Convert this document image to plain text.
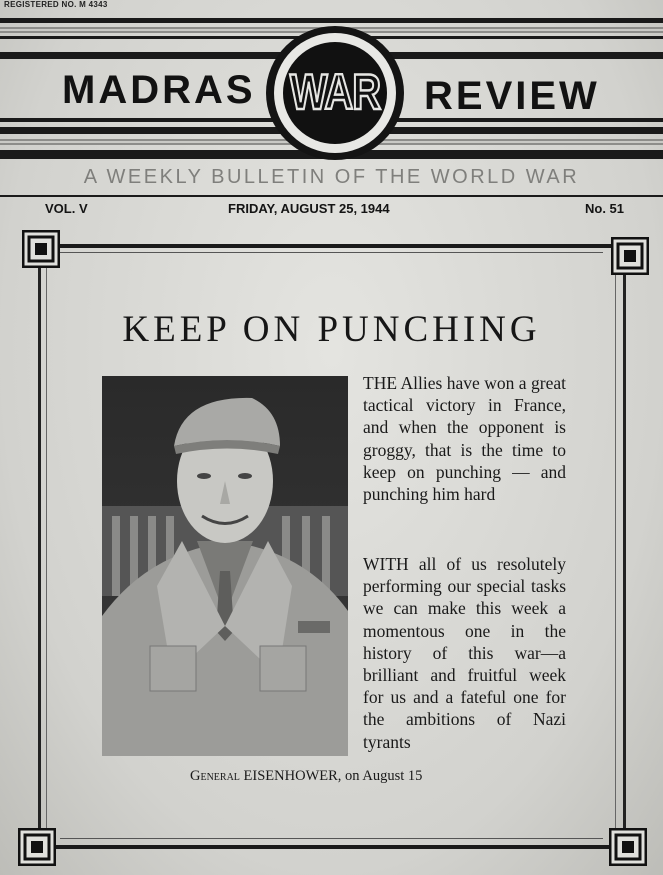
REGISTERED NO. M 4343
MADRAS	REVIEW
WAR
A WEEKLY BULLETIN OF THE WORLD WAR
VOL. V	FRIDAY, AUGUST 25, 1944	No. 51
KEEP ON PUNCHING
THE Allies have won a great tactical victory in France, and when the opponent is groggy, that is the time to keep on punching — and punching him hard
WITH all of us resolutely performing our special tasks we can make this week a momentous one in the history of this war—a brilliant and fruitful week for us and a fateful one for the ambitions of Nazi tyrants
General EISENHOWER, on August 15
